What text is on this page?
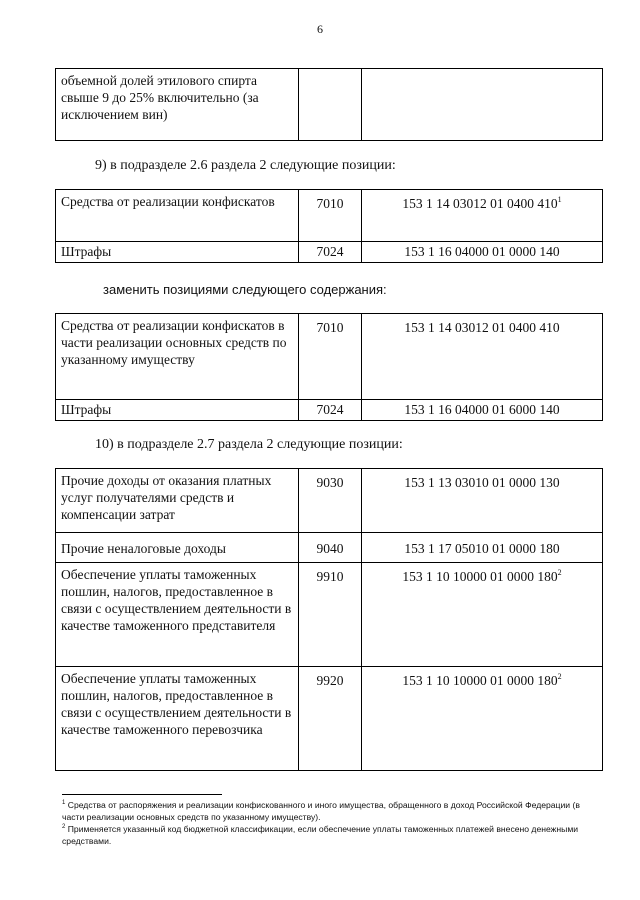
6
объемной долей этилового спирта свыше 9 до 25% включительно (за исключением вин)		

9) в подразделе 2.6 раздела 2 следующие позиции:

Средства от реализации конфискатов	7010	153 1 14 03012 01 0400 $410^1$
Штрафы	7024	153 1 16 04000 01 0000 140

заменить позициями следующего содержания:

Средства от реализации конфискатов в части реализации основных средств по указанному имуществу	7010	153 1 14 03012 01 0400 410
Штрафы	7024	153 1 16 04000 01 6000 140

10) в подразделе 2.7 раздела 2 следующие позиции:

Прочие доходы от оказания платных услуг получателями средств и компенсации затрат	9030	153 1 13 03010 01 0000 130
Прочие неналоговые доходы	9040	153 1 17 05010 01 0000 180
Обеспечение уплаты таможенных пошлин, налогов, предоставленное в связи с осуществлением деятельности в качестве таможенного представителя	9910	153 1 10 10000 01 0000 $180^2$
Обеспечение уплаты таможенных пошлин, налогов, предоставленное в связи с осуществлением деятельности в качестве таможенного перевозчика	9920	153 1 10 10000 01 0000 $180^2$

$^1$ Средства от распоряжения и реализации конфискованного и иного имущества, обращенного в доход Российской Федерации (в части реализации основных средств по указанному имуществу).

$^2$ Применяется указанный код бюджетной классификации, если обеспечение уплаты таможенных платежей внесено денежными средствами.
